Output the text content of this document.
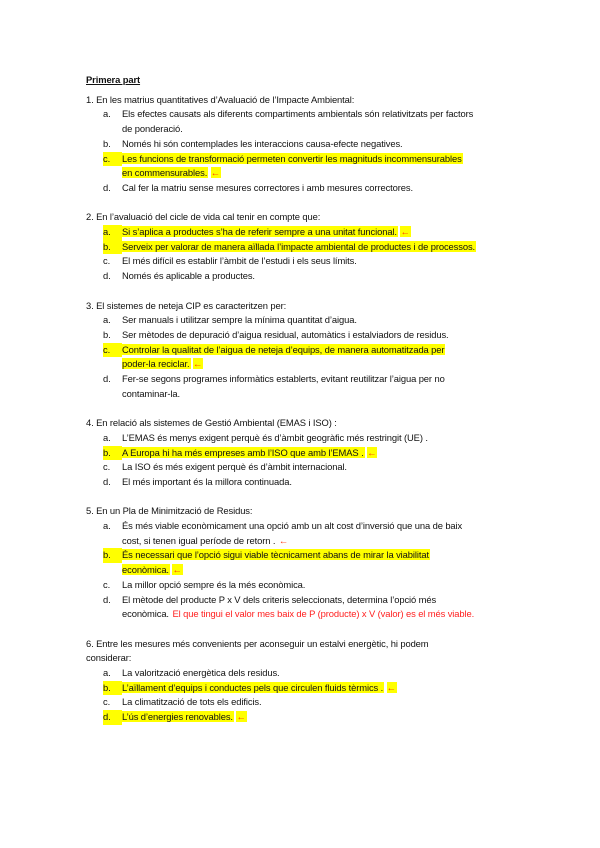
Primera part
1. En les matrius quantitatives d’Avaluació de l’Impacte Ambiental:
a.	Els efectes causats als diferents compartiments ambientals són relativitzats per factors
de ponderació.
b.	Només hi són contemplades les interaccions causa-efecte negatives.
c.	Les funcions de transformació permeten convertir les magnituds incommensurables
en commensurables. ←
d.	Cal fer la matriu sense mesures correctores i amb mesures correctores.
2. En l’avaluació del cicle de vida cal tenir en compte que:
a.	Si s’aplica a productes s’ha de referir sempre a una unitat funcional. ←
b.	Serveix per valorar de manera aïllada l’impacte ambiental de productes i de processos.
c.	El més difícil es establir l’àmbit de l’estudi i els seus límits.
d.	Només és aplicable a productes.
3. El sistemes de neteja CIP es caracteritzen per:
a.	Ser manuals i utilitzar sempre la mínima quantitat d’aigua.
b.	Ser mètodes de depuració d’aigua residual, automàtics i estalviadors de residus.
c.	Controlar la qualitat de l’aigua de neteja d’equips, de manera automatitzada per
poder-la reciclar. ←
d.	Fer-se segons programes informàtics establerts, evitant reutilitzar l’aigua per no
contaminar-la.
4. En relació als sistemes de Gestió Ambiental (EMAS i ISO) :
a.	L’EMAS és menys exigent perquè és d’àmbit geogràfic més restringit (UE) .
b.	A Europa hi ha més empreses amb l’ISO que amb l’EMAS . ←
c.	La ISO és més exigent perquè és d’àmbit internacional.
d.	El més important és la millora continuada.
5. En un Pla de Minimització de Residus:
a.	És més viable econòmicament una opció amb un alt cost d’inversió que una de baix
cost, si tenen igual període de retorn . ←
b.	És necessari que l’opció sigui viable tècnicament abans de mirar la viabilitat
econòmica. ←
c.	La millor opció sempre és la més econòmica.
d.	El mètode del producte P x V dels criteris seleccionats, determina l’opció més
econòmica. El que tingui el valor mes baix de P (producte) x V (valor) es el més viable.
6. Entre les mesures més convenients per aconseguir un estalvi energètic, hi podem
considerar:
a.	La valorització energètica dels residus.
b.	L’aïllament d’equips i conductes pels que circulen fluids tèrmics . ←
c.	La climatització de tots els edificis.
d.	L’ús d’energies renovables. ←
